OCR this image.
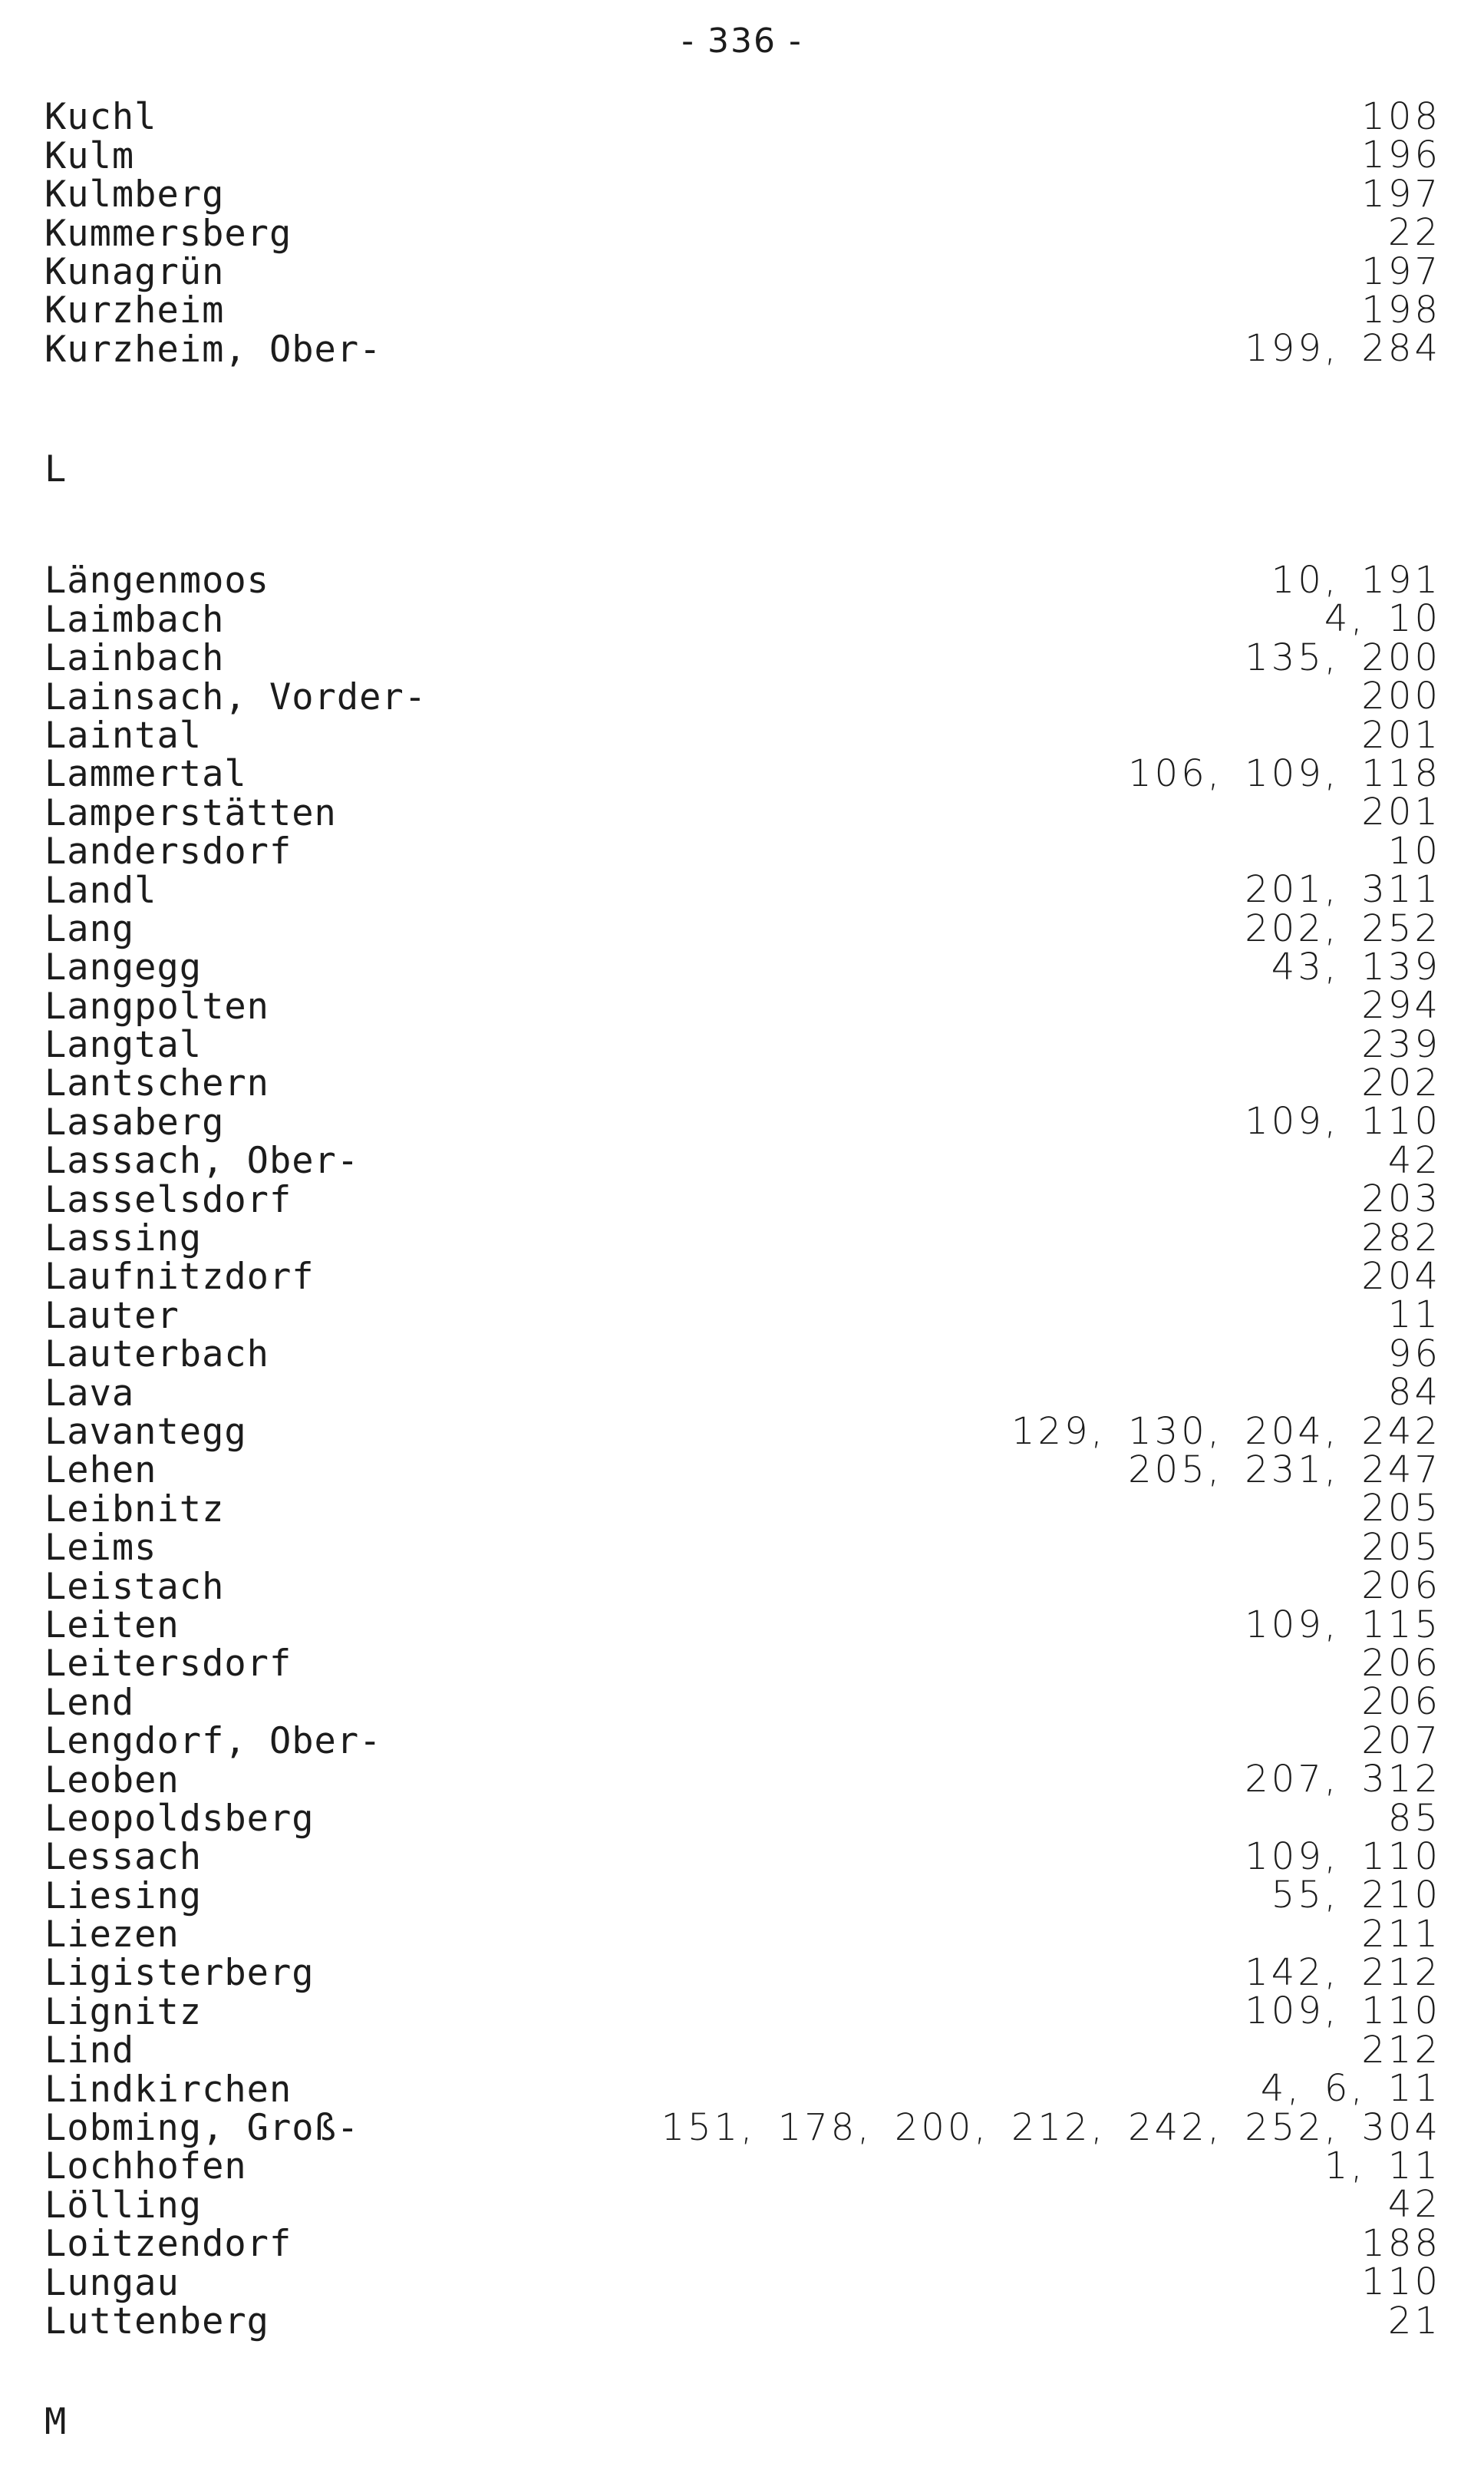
- 336 -
Kuchl	108
Kulm	196
Kulmberg	197
Kummersberg	22
Kunagrün	197
Kurzheim	198
Kurzheim, Ober-	199, 284
L
Längenmoos	10, 191
Laimbach	4, 10
Lainbach	135, 200
Lainsach, Vorder-	200
Laintal	201
Lammertal	106, 109, 118
Lamperstätten	201
Landersdorf	10
Landl	201, 311
Lang	202, 252
Langegg	43, 139
Langpolten	294
Langtal	239
Lantschern	202
Lasaberg	109, 110
Lassach, Ober-	42
Lasselsdorf	203
Lassing	282
Laufnitzdorf	204
Lauter	11
Lauterbach	96
Lava	84
Lavantegg	129, 130, 204, 242
Lehen	205, 231, 247
Leibnitz	205
Leims	205
Leistach	206
Leiten	109, 115
Leitersdorf	206
Lend	206
Lengdorf, Ober-	207
Leoben	207, 312
Leopoldsberg	85
Lessach	109, 110
Liesing	55, 210
Liezen	211
Ligisterberg	142, 212
Lignitz	109, 110
Lind	212
Lindkirchen	4, 6, 11
Lobming, Groß-	151, 178, 200, 212, 242, 252, 304
Lochhofen	1, 11
Lölling	42
Loitzendorf	188
Lungau	110
Luttenberg	21
M
